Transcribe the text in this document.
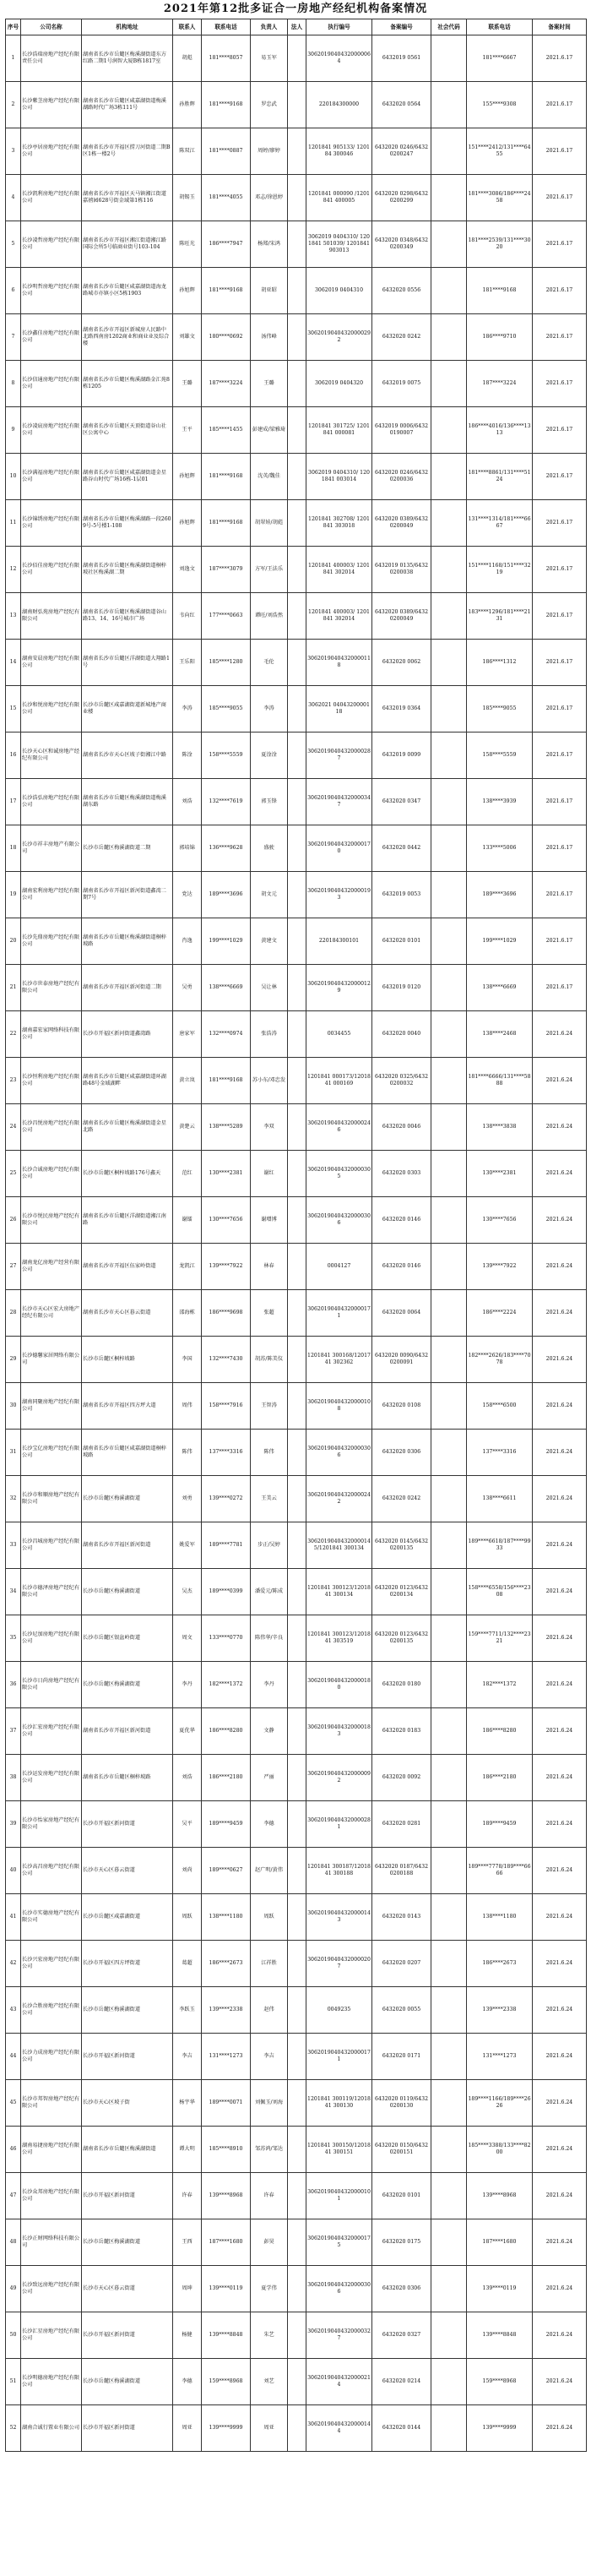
2021年第12批多证合一房地产经纪机构备案情况
序号	公司名称	机构地址	联系人	联系电话	负责人	法人	执行编号	备案编号	社会代码	联系电话	备案时间
1	长沙浩瑞房地产经纪有限责任公司	湖南省长沙市岳麓区梅溪湖街道东方红路二期1号润智大厦B栋1817室	胡彪	181****8057	易玉军		30620190404320000064	6432019 0561		181****6667	2021.6.17
2	长沙紫茎房地产经纪有限公司	湖南省长沙市岳麓区咸嘉湖街道梅溪湖路时代广场3栋111号	孙胜辉	181****9168	罗忠武		220184300000	6432020 0564		155****9308	2021.6.17
3	长沙亭居房地产经纪有限公司	湖南省长沙市开福区捞刀河街道二期B区1栋一楼2号	陈双江	181****0887	周婷/廖婷		1201841 905133/ 120184 300046	6432020 0246/64320200247		151****2412/131****6455	2021.6.17
4	长沙凯利房地产经纪有限公司	湖南省长沙市开福区天马镇湘江街道嘉禧园628号街金域第1栋116	胡锡玉	181****4055	邓志/徐恩婷		1201841 000090 /1201841 400005	6432020 0298/64320200299		181****3086/186****2458	2021.6.17
5	长沙凌哲房地产经纪有限公司	湖南省长沙市开福区湘江街道湘江路国际会所5号临商业街号103-104	陈旺光	186****7947	杨郑/宋鸿		3062019 0404310/ 1201841 501039/ 1201841 903013	6432020 0348/64320200349		181****2539/131****3020	2021.6.17
6	长沙明哲房地产经纪有限公司	湖南省长沙市岳麓区咸嘉湖街道海龙路城市亦镇小区5栋1903	孙旭辉	181****9168	胡亚昭		3062019 0404310	6432020 0556		181****9168	2021.6.17
7	长沙鑫佳房地产经纪有限公司	湖南省长沙市开福区新城房人民路中北路西南房1202商业和商业业及综合楼	刘雄文	180****0692	汤伟峰		30620190404320000292	6432020 0242		186****9710	2021.6.17
8	长沙信通房地产经纪有限公司	湖南省长沙市岳麓区梅溪湖路金汇苑8栋1205	王璐	187****3224	王璐		3062019 0404320	6432019 0075		187****3224	2021.6.17
9	长沙凌宸房地产经纪有限公司	湖南省长沙市岳麓区天顶街道谷山社区公寓中心	王平	185****1455	彭建成/梁雅琦		1201841 301725/ 1201841 000081	6432019 0006/64320190007		186****4016/136****1313	2021.6.17
10	长沙满福房地产经纪有限公司	湖南省长沙市岳麓区咸嘉湖街道金星路谷山时代广场16栋-1层01	孙旭辉	181****9168	沈英/魏佳		3062019 0404310/ 1201841 003014	6432020 0246/64320200036		181****8861/131****5124	2021.6.17
11	长沙锦绣房地产经纪有限公司	湖南省长沙市岳麓区梅溪湖路一段2609号-5号楼1-108	孙旭辉	181****9168	胡翠娃/胡彪		1201841 302708/ 1201841 303018	6432020 0389/64320200049		131****1314/181****6667	2021.6.17
12	长沙佰佳房地产经纪有限公司	湖南省长沙市岳麓区梅溪湖街道桐梓坡社区梅溪湖二期	刘逸文	187****3079	方军/王法乐		1201841 400003/ 1201841 302014	6432019 0135/64320200038		151****1168/151****3219	2021.6.17
13	湖南财弘苑房地产经纪有限公司	湖南省长沙市岳麓区梅溪湖街道谷山路13、14、16号城市广场	韦向红	177****0663	谭旺/刘浩然		1201841 400003/ 1201841 302014	6432020 0389/64320200049		183****1296/181****2131	2021.6.17
14	湖南安晨房地产经纪有限公司	湖南省长沙市岳麓区洋湖街道大翔路1号	王乐阳	185****1280	毛伦		30620190404320000118	6432020 0062		186****1312	2021.6.17
15	长沙和悦房地产经纪有限公司	长沙市岳麓区咸嘉湖街道新城地产商业楼	李涛	185****9055	李涛		3062021 0404320000118	6432019 0364		185****9055	2021.6.17
16	长沙天心区和诚房地产经纪有限公司	湖南省长沙市天心区坡子街湘江中路	陈淦	158****5559	夏淦淦		30620190404320000287	6432019 0099		158****5559	2021.6.17
17	长沙浩弘房地产经纪有限公司	湖南省长沙市岳麓区梅溪湖街道梅溪湖东路	刘浩	132****7619	郭玉锋		30620190404320000347	6432020 0347		138****3939	2021.6.17
18	长沙市祥丰房地产有限公司	长沙市岳麓区梅溪湖街道二期	郭培锦	136****9628	盛驶		30620190404320000170	6432020 0442		133****5006	2021.6.17
19	湖南宏利房地产经纪有限公司	湖南省长沙市开福区新河街道鑫湾二期7号	党达	189****3696	胡文元		30620190404320000193	6432019 0053		189****3696	2021.6.17
20	长沙先鼎房地产经纪有限公司	湖南省长沙市岳麓区梅溪湖街道桐梓坡路	肖逸	199****1029	黄建文		220184300101	6432020 0101		199****1029	2021.6.17
21	长沙市世泰房地产经纪有限公司	湖南省长沙市开福区新河街道二期	吴勇	138****6669	吴让林		30620190404320000129	6432019 0120		138****6669	2021.6.17
22	湖南嘉宏家网络科技有限公司	长沙市开福区新河街道鑫湾路	唐家军	132****0974	张浩涛		0034455	6432020 0040		138****2468	2021.6.24
23	长沙恒利房地产经纪有限公司	湖南省长沙市岳麓区咸嘉湖街道环湖路48号金域湖畔	黄立岚	181****9168	苏小东/邓忠发		1201841 000173/1201841 000169	6432020 0325/64320200032		181****6666/131****5888	2021.6.24
24	长沙昌悦房地产经纪有限公司	湖南省长沙市岳麓区梅溪湖街道金星北路	黄楚云	138****5289	李双		30620190404320000246	6432020 0046		138****3838	2021.6.24
25	长沙合诚房地产经纪有限公司	长沙市岳麓区桐梓坡路176号鑫天	范红	130****2381	谢红		30620190404320000305	6432020 0303		130****2381	2021.6.24
26	长沙市悦民房地产经纪有限公司	湖南省长沙市岳麓区洋湖街道湘江南路	谢镭	130****7656	谢增博		30620190404320000306	6432020 0146		130****7656	2021.6.24
27	湖南龙亿房地产经营有限公司	湖南省长沙市开福区伍家岭街道	龙凯江	139****7922	林春		0004127	6432020 0146		139****7922	2021.6.24
28	长沙市天心区宏大房地产经纪有限公司	湖南省长沙市天心区暮云街道	邵海栋	186****9698	张超		30620190404320000171	6432020 0064		186****2224	2021.6.24
29	长沙德馨家居网络有限公司	长沙市岳麓区桐梓坡路	李国	132****7430	胡苏/陈美仪		1201841 300168/1201741 302362	6432020 0090/64320200091		182****2626/183****7078	2021.6.24
30	湖南同聚房地产经纪有限公司	湖南省长沙市开福区四方坪大道	周伟	158****7916	王智涛		30620190404320000108	6432020 0108		158****6500	2021.6.24
31	长沙宝亿房地产经纪有限公司	湖南省长沙市岳麓区咸嘉湖街道桐梓坡路	陈伟	137****3316	陈伟		30620190404320000306	6432020 0306		137****3316	2021.6.24
32	长沙市和顺房地产经纪有限公司	长沙市岳麓区梅溪湖街道	刘勇	139****0272	王美云		30620190404320000242	6432020 0242		138****6611	2021.6.24
33	长沙昌城房地产经纪有限公司	湖南省长沙市开福区新河街道	姚爱军	189****7781	步正/吴婷		30620190404320000145/1201841 300134	6432020 0145/64320200135		189****6618/187****9933	2021.6.24
34	长沙市德泽房地产经纪有限公司	长沙市岳麓区梅溪湖街道	吴杰	189****0399	潘爱元/陈成		1201841 300123/1201841 300134	6432020 0123/64320200134		158****6558/156****2308	2021.6.24
35	长沙尼加房地产经纪有限公司	长沙市岳麓区银盆岭街道	周文	133****0770	陈伟华/辛良		1201841 300123/1201841 303519	6432020 0123/64320200135		159****7711/132****2321	2021.6.24
36	长沙市日尚房地产经纪有限公司	长沙市岳麓区梅溪湖街道	李丹	182****1372	李丹		30620190404320000180	6432020 0180		182****1372	2021.6.24
37	长沙汇宏房地产经纪有限公司	湖南省长沙市开福区新河街道	夏优华	186****8280	文静		30620190404320000183	6432020 0183		186****8280	2021.6.24
38	长沙运发房地产经纪有限公司	湖南省长沙市岳麓区桐梓坡路	刘浩	186****2180	严丽		30620190404320000092	6432020 0092		186****2180	2021.6.24
39	长沙市怡家房地产经纪有限公司	长沙市开福区新河街道	吴平	189****9459	李德		30620190404320000281	6432020 0281		189****9459	2021.6.24
40	长沙高昌房地产经纪有限公司	长沙市天心区暮云街道	刘尚	189****0627	赵广明/黄伟		1201841 300187/1201841 300188	6432020 0187/64320200188		189****7778/189****6666	2021.6.24
41	长沙市实德房地产经纪有限公司	长沙市岳麓区咸嘉湖街道	周跃	138****1180	周跃		30620190404320000143	6432020 0143		138****1180	2021.6.24
42	长沙兴宏房地产经纪有限公司	长沙市开福区四方坪街道	葛超	186****2673	江祥胜		30620190404320000207	6432020 0207		186****2673	2021.6.24
43	长沙合胜房地产经纪有限公司	长沙市岳麓区梅溪湖街道	李跃玉	139****2338	赵伟		0049235	6432020 0055		139****2338	2021.6.24
44	长沙力成房地产经纪有限公司	长沙市开福区新河街道	李吉	131****1273	李吉		30620190404320000171	6432020 0171		131****1273	2021.6.24
45	长沙市邦智房地产经纪有限公司	长沙市天心区坡子街	杨宇华	189****0071	刘佩玉/刘海		1201841 300119/1201841 300130	6432020 0119/64320200130		189****1166/189****2626	2021.6.24
46	湖南易捷房地产经纪有限公司	湖南省长沙市岳麓区梅溪湖街道	谭大明	185****8910	邹苏鸿/邹达		1201841 300150/1201841 300151	6432020 0150/64320200151		185****3388/133****8200	2021.6.24
47	长沙众邦房地产经纪有限公司	长沙市开福区新河街道	许春	139****8968	许春		30620190404320000101	6432020 0101		139****8968	2021.6.24
48	长沙正财网络科技有限公司	长沙市岳麓区梅溪湖街道	王西	187****1680	彭昊		30620190404320000175	6432020 0175		187****1680	2021.6.24
49	长沙致远房地产经纪有限公司	长沙市天心区暮云街道	周坤	139****0119	夏学伟		30620190404320000306	6432020 0306		139****0119	2021.6.24
50	长沙汇星房地产经纪有限公司	长沙市开福区新河街道	杨健	139****8848	朱艺		30620190404320000327	6432020 0327		139****8848	2021.6.24
51	长沙明德房地产经纪有限公司	长沙市岳麓区梅溪湖街道	李德	159****8968	刘艺		30620190404320000214	6432020 0214		159****8968	2021.6.24
52	湖南合诚行置业有限公司	长沙市开福区新河街道	周亚	139****9999	周亚		30620190404320000144	6432020 0144		139****9999	2021.6.24
